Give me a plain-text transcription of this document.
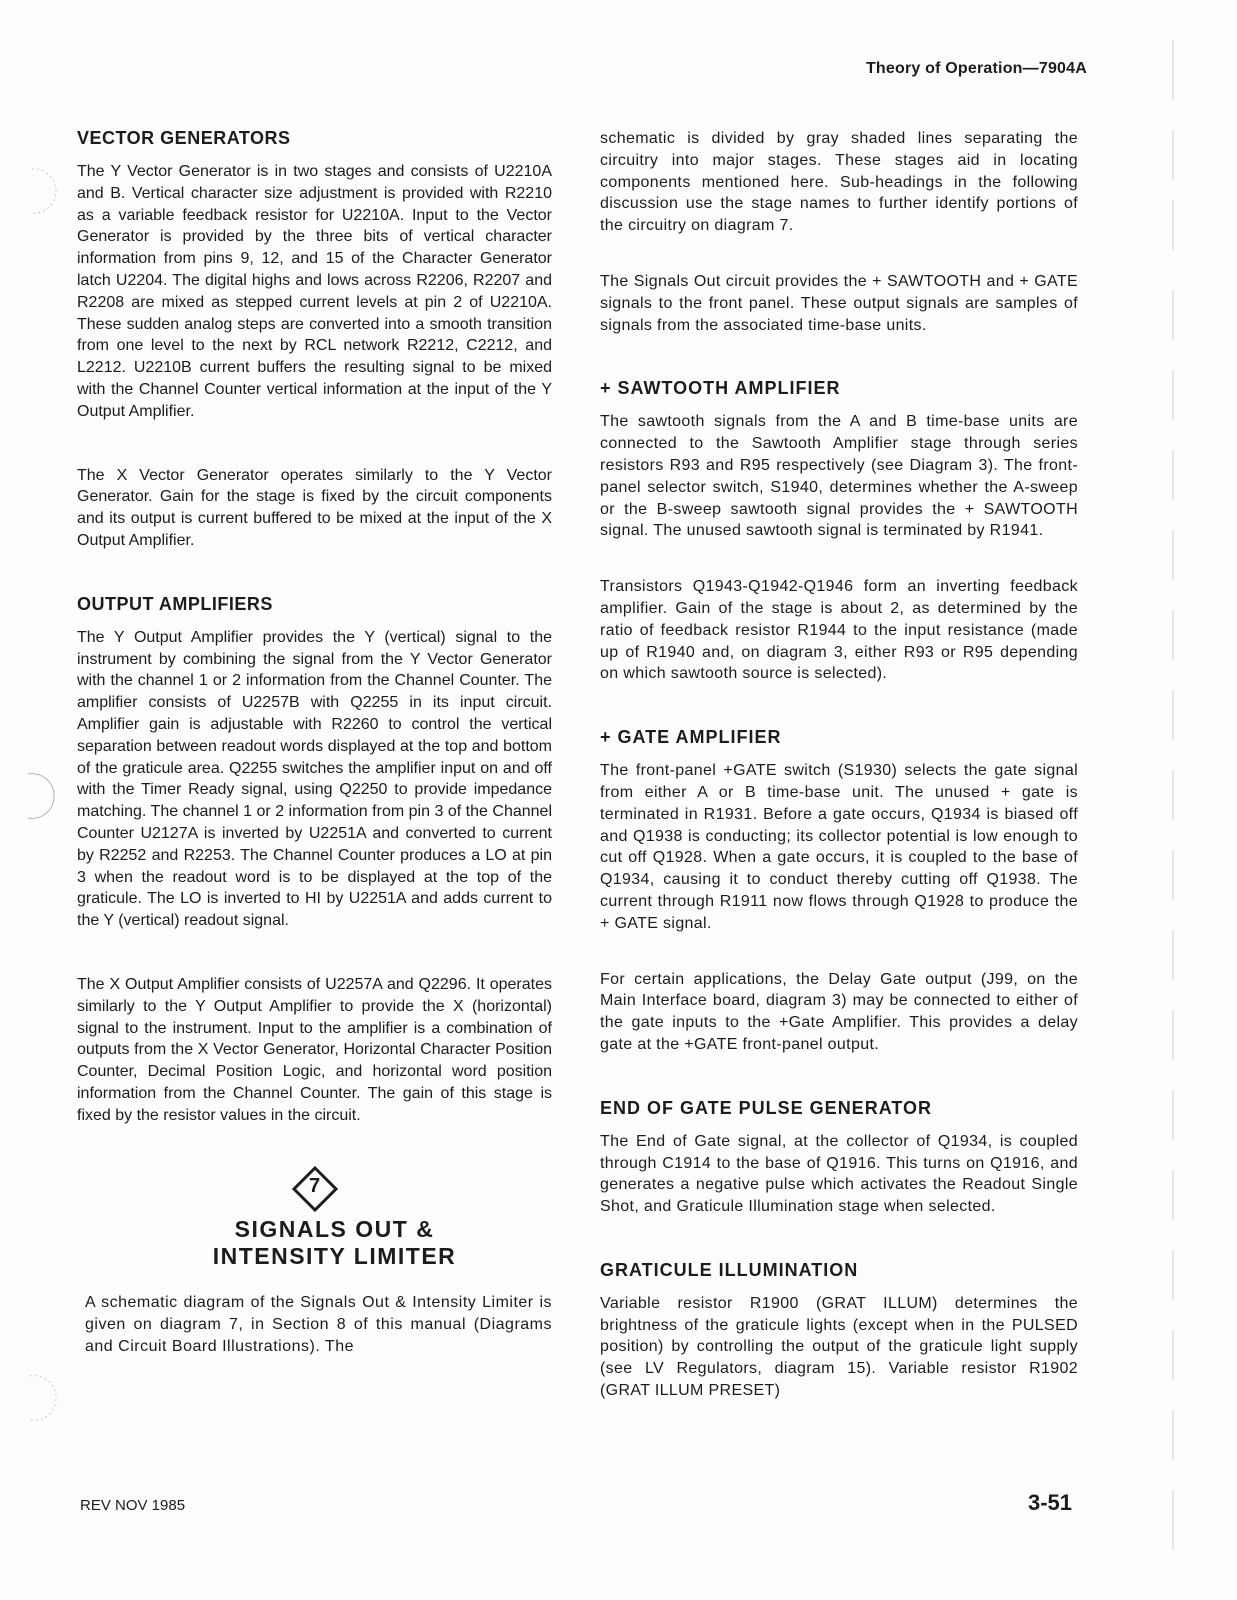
Theory of Operation—7904A
VECTOR GENERATORS

The Y Vector Generator is in two stages and consists of U2210A and B. Vertical character size adjustment is provided with R2210 as a variable feedback resistor for U2210A. Input to the Vector Generator is provided by the three bits of vertical character information from pins 9, 12, and 15 of the Character Generator latch U2204. The digital highs and lows across R2206, R2207 and R2208 are mixed as stepped current levels at pin 2 of U2210A. These sudden analog steps are converted into a smooth transition from one level to the next by RCL network R2212, C2212, and L2212. U2210B current buffers the resulting signal to be mixed with the Channel Counter vertical information at the input of the Y Output Amplifier.

The X Vector Generator operates similarly to the Y Vector Generator. Gain for the stage is fixed by the circuit components and its output is current buffered to be mixed at the input of the X Output Amplifier.

OUTPUT AMPLIFIERS

The Y Output Amplifier provides the Y (vertical) signal to the instrument by combining the signal from the Y Vector Generator with the channel 1 or 2 information from the Channel Counter. The amplifier consists of U2257B with Q2255 in its input circuit. Amplifier gain is adjustable with R2260 to control the vertical separation between readout words displayed at the top and bottom of the graticule area. Q2255 switches the amplifier input on and off with the Timer Ready signal, using Q2250 to provide impedance matching. The channel 1 or 2 information from pin 3 of the Channel Counter U2127A is inverted by U2251A and converted to current by R2252 and R2253. The Channel Counter produces a LO at pin 3 when the readout word is to be displayed at the top of the graticule. The LO is inverted to HI by U2251A and adds current to the Y (vertical) readout signal.

The X Output Amplifier consists of U2257A and Q2296. It operates similarly to the Y Output Amplifier to provide the X (horizontal) signal to the instrument. Input to the amplifier is a combination of outputs from the X Vector Generator, Horizontal Character Position Counter, Decimal Position Logic, and horizontal word position information from the Channel Counter. The gain of this stage is fixed by the resistor values in the circuit.

7
SIGNALS OUT &
INTENSITY LIMITER

A schematic diagram of the Signals Out & Intensity Limiter is given on diagram 7, in Section 8 of this manual (Diagrams and Circuit Board Illustrations). The

schematic is divided by gray shaded lines separating the circuitry into major stages. These stages aid in locating components mentioned here. Sub-headings in the following discussion use the stage names to further identify portions of the circuitry on diagram 7.

The Signals Out circuit provides the + SAWTOOTH and + GATE signals to the front panel. These output signals are samples of signals from the associated time-base units.

+ SAWTOOTH AMPLIFIER

The sawtooth signals from the A and B time-base units are connected to the Sawtooth Amplifier stage through series resistors R93 and R95 respectively (see Diagram 3). The front-panel selector switch, S1940, determines whether the A-sweep or the B-sweep sawtooth signal provides the + SAWTOOTH signal. The unused sawtooth signal is terminated by R1941.

Transistors Q1943-Q1942-Q1946 form an inverting feedback amplifier. Gain of the stage is about 2, as determined by the ratio of feedback resistor R1944 to the input resistance (made up of R1940 and, on diagram 3, either R93 or R95 depending on which sawtooth source is selected).

+ GATE AMPLIFIER

The front-panel +GATE switch (S1930) selects the gate signal from either A or B time-base unit. The unused + gate is terminated in R1931. Before a gate occurs, Q1934 is biased off and Q1938 is conducting; its collector potential is low enough to cut off Q1928. When a gate occurs, it is coupled to the base of Q1934, causing it to conduct thereby cutting off Q1938. The current through R1911 now flows through Q1928 to produce the + GATE signal.

For certain applications, the Delay Gate output (J99, on the Main Interface board, diagram 3) may be connected to either of the gate inputs to the +Gate Amplifier. This provides a delay gate at the +GATE front-panel output.

END OF GATE PULSE GENERATOR

The End of Gate signal, at the collector of Q1934, is coupled through C1914 to the base of Q1916. This turns on Q1916, and generates a negative pulse which activates the Readout Single Shot, and Graticule Illumination stage when selected.

GRATICULE ILLUMINATION

Variable resistor R1900 (GRAT ILLUM) determines the brightness of the graticule lights (except when in the PULSED position) by controlling the output of the graticule light supply (see LV Regulators, diagram 15). Variable resistor R1902 (GRAT ILLUM PRESET)

REV NOV 1985	3-51
